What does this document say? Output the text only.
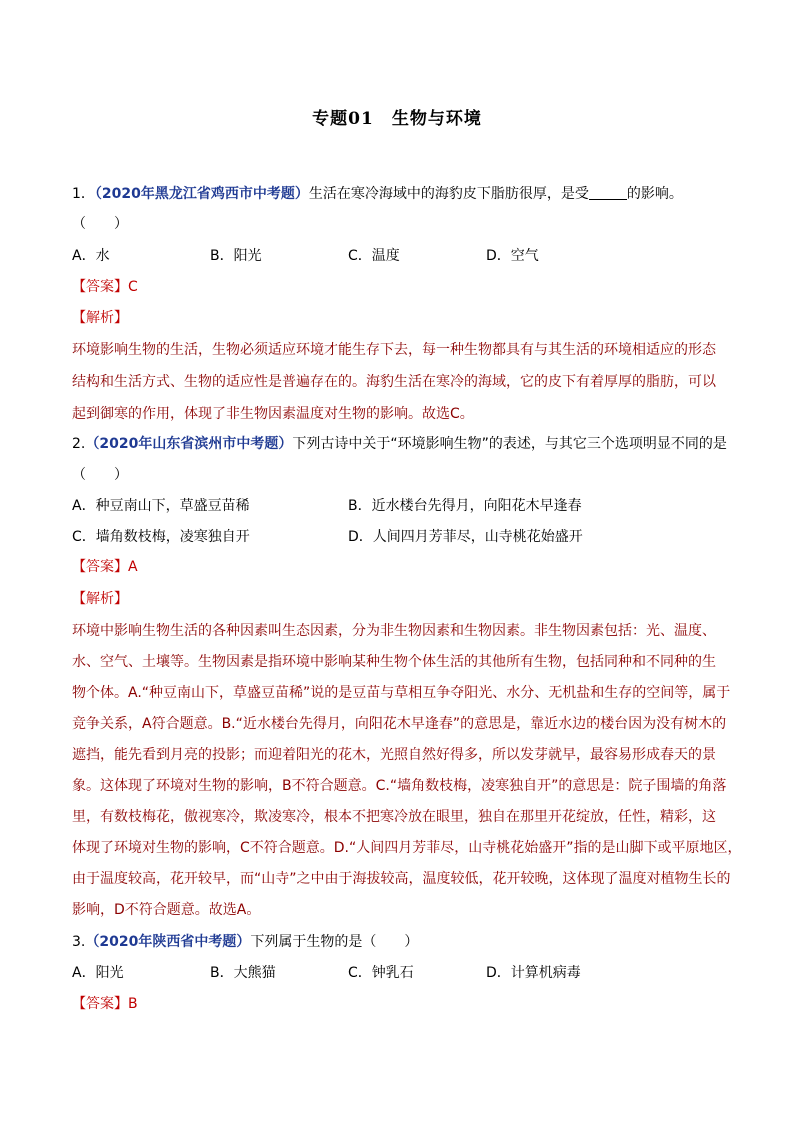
专题01　生物与环境
1．（2020年黑龙江省鸡西市中考题）生活在寒冷海域中的海豹皮下脂肪很厚，是受	的影响。
（　　）
A．水	B．阳光	C．温度	D．空气
【答案】C
【解析】
环境影响生物的生活，生物必须适应环境才能生存下去，每一种生物都具有与其生活的环境相适应的形态
结构和生活方式、生物的适应性是普遍存在的。海豹生活在寒冷的海域，它的皮下有着厚厚的脂肪，可以
起到御寒的作用，体现了非生物因素温度对生物的影响。故选C。
2.（2020年山东省滨州市中考题）下列古诗中关于“环境影响生物”的表述，与其它三个选项明显不同的是
（　　）
A．种豆南山下，草盛豆苗稀	B．近水楼台先得月，向阳花木早逢春
C．墙角数枝梅，凌寒独自开	D．人间四月芳菲尽，山寺桃花始盛开
【答案】A
【解析】
环境中影响生物生活的各种因素叫生态因素，分为非生物因素和生物因素。非生物因素包括：光、温度、
水、空气、土壤等。生物因素是指环境中影响某种生物个体生活的其他所有生物，包括同种和不同种的生
物个体。A.“种豆南山下，草盛豆苗稀”说的是豆苗与草相互争夺阳光、水分、无机盐和生存的空间等，属于
竞争关系，A符合题意。B.“近水楼台先得月，向阳花木早逢春”的意思是，靠近水边的楼台因为没有树木的
遮挡，能先看到月亮的投影；而迎着阳光的花木，光照自然好得多，所以发芽就早，最容易形成春天的景
象。这体现了环境对生物的影响，B不符合题意。C.“墙角数枝梅，凌寒独自开”的意思是：院子围墙的角落
里，有数枝梅花，傲视寒冷，欺凌寒冷，根本不把寒冷放在眼里，独自在那里开花绽放，任性，精彩，这
体现了环境对生物的影响，C不符合题意。D.“人间四月芳菲尽，山寺桃花始盛开”指的是山脚下或平原地区，
由于温度较高，花开较早，而“山寺”之中由于海拔较高，温度较低，花开较晚，这体现了温度对植物生长的
影响，D不符合题意。故选A。
3.（2020年陕西省中考题）下列属于生物的是（　　）
A．阳光	B．大熊猫	C．钟乳石	D．计算机病毒
【答案】B
